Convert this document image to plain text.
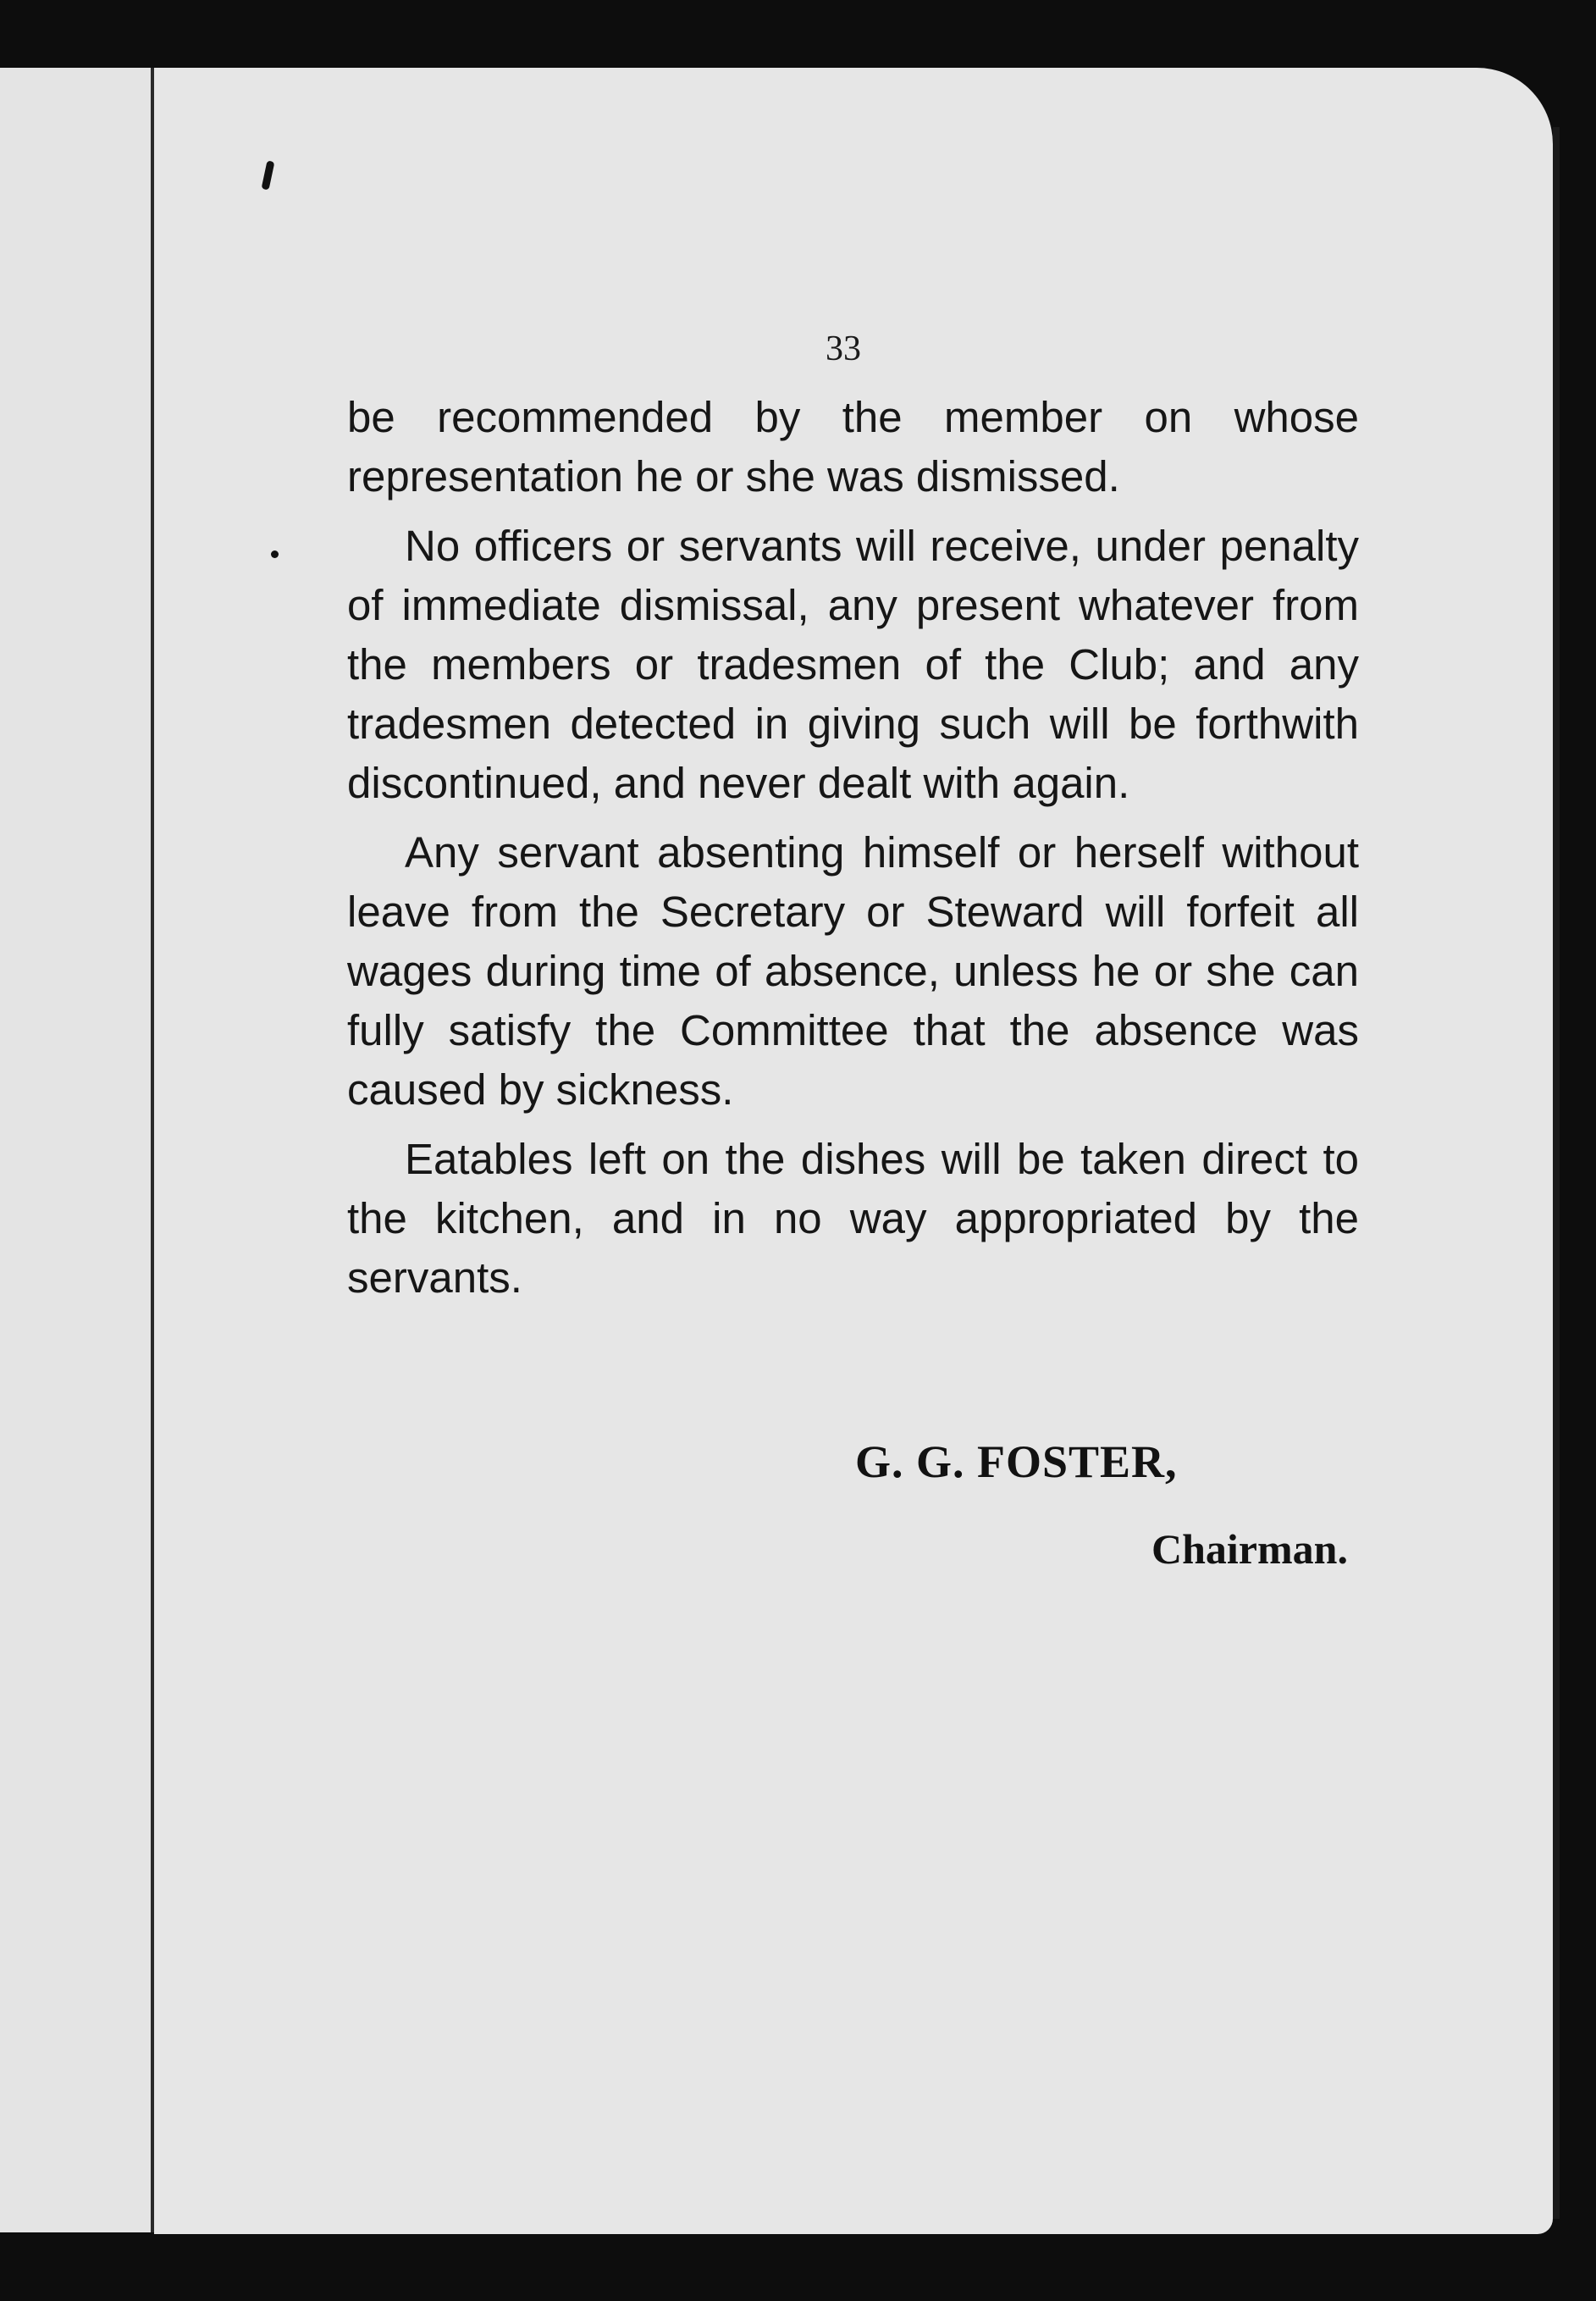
33

be recommended by the member on whose representation he or she was dismissed.

No officers or servants will receive, under penalty of immediate dismissal, any present whatever from the members or tradesmen of the Club; and any tradesmen detected in giving such will be forthwith discontinued, and never dealt with again.

Any servant absenting himself or herself without leave from the Secretary or Steward will forfeit all wages during time of absence, unless he or she can fully satisfy the Committee that the absence was caused by sickness.

Eatables left on the dishes will be taken direct to the kitchen, and in no way appropriated by the servants.

G. G. FOSTER,
Chairman.
